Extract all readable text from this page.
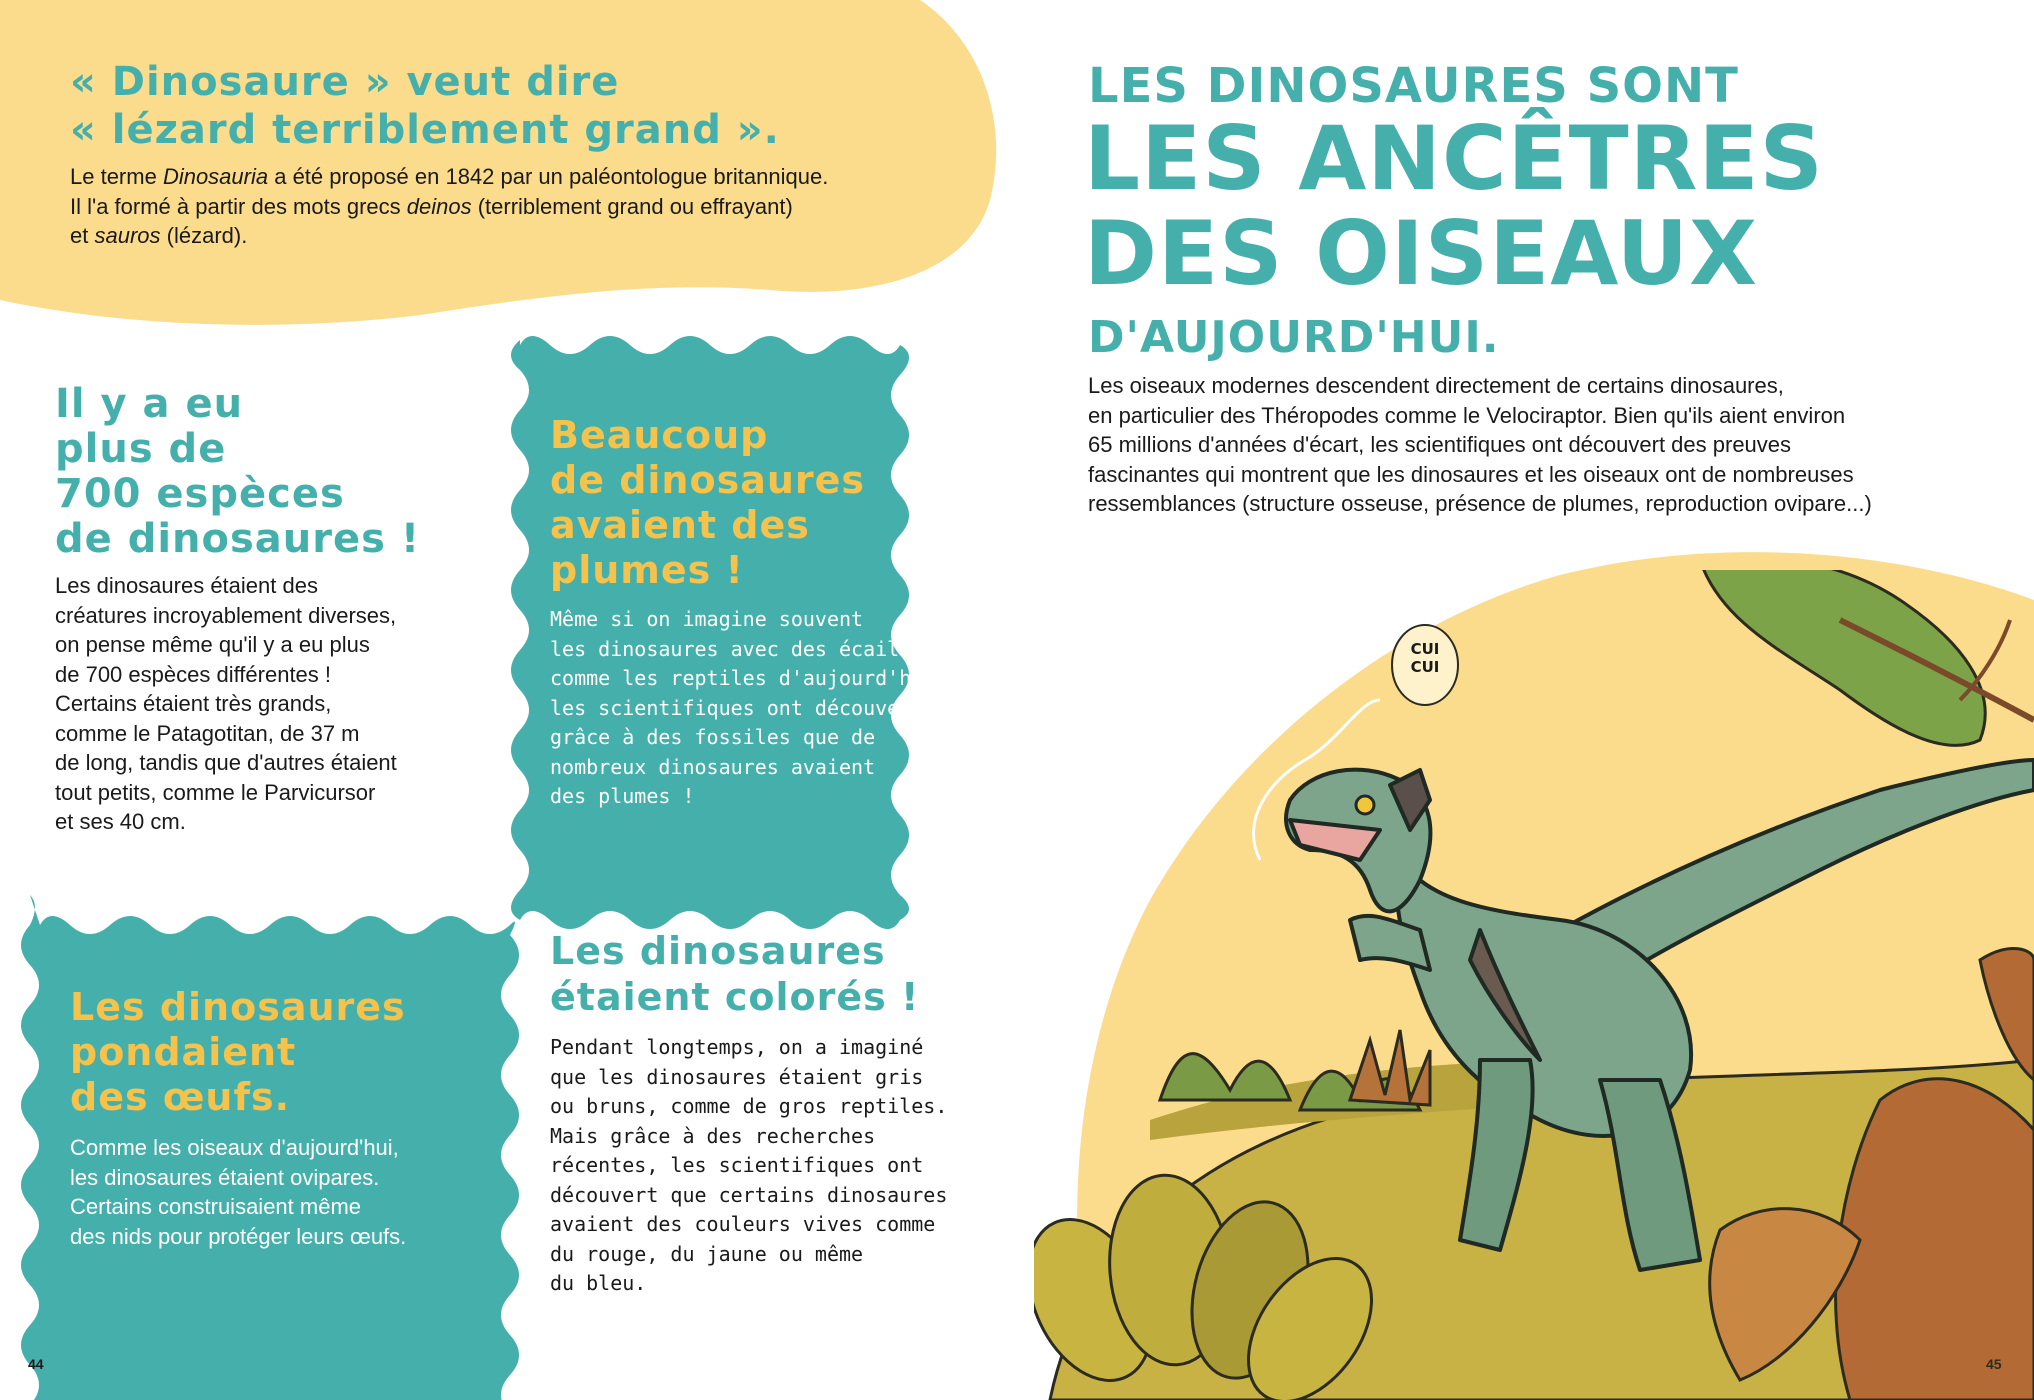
« Dinosaure » veut dire
« lézard terriblement grand ».
Le terme Dinosauria a été proposé en 1842 par un paléontologue britannique.
Il l'a formé à partir des mots grecs deinos (terriblement grand ou effrayant)
et sauros (lézard).
Il y a eu
plus de
700 espèces
de dinosaures !
Les dinosaures étaient des
créatures incroyablement diverses,
on pense même qu'il y a eu plus
de 700 espèces différentes !
Certains étaient très grands,
comme le Patagotitan, de 37 m
de long, tandis que d'autres étaient
tout petits, comme le Parvicursor
et ses 40 cm.
Beaucoup
de dinosaures
avaient des
plumes !
Même si on imagine souvent
les dinosaures avec des écailles
comme les reptiles d'aujourd'hui,
les scientifiques ont découvert
grâce à des fossiles que de
nombreux dinosaures avaient
des plumes !
Les dinosaures
pondaient
des œufs.
Comme les oiseaux d'aujourd'hui,
les dinosaures étaient ovipares.
Certains construisaient même
des nids pour protéger leurs œufs.
Les dinosaures
étaient colorés !
Pendant longtemps, on a imaginé
que les dinosaures étaient gris
ou bruns, comme de gros reptiles.
Mais grâce à des recherches
récentes, les scientifiques ont
découvert que certains dinosaures
avaient des couleurs vives comme
du rouge, du jaune ou même
du bleu.
44
LES DINOSAURES SONT
LES ANCÊTRES
DES OISEAUX
D'AUJOURD'HUI.
Les oiseaux modernes descendent directement de certains dinosaures,
en particulier des Théropodes comme le Velociraptor. Bien qu'ils aient environ
65 millions d'années d'écart, les scientifiques ont découvert des preuves
fascinantes qui montrent que les dinosaures et les oiseaux ont de nombreuses
ressemblances (structure osseuse, présence de plumes, reproduction ovipare...)
CUI
CUI
45
